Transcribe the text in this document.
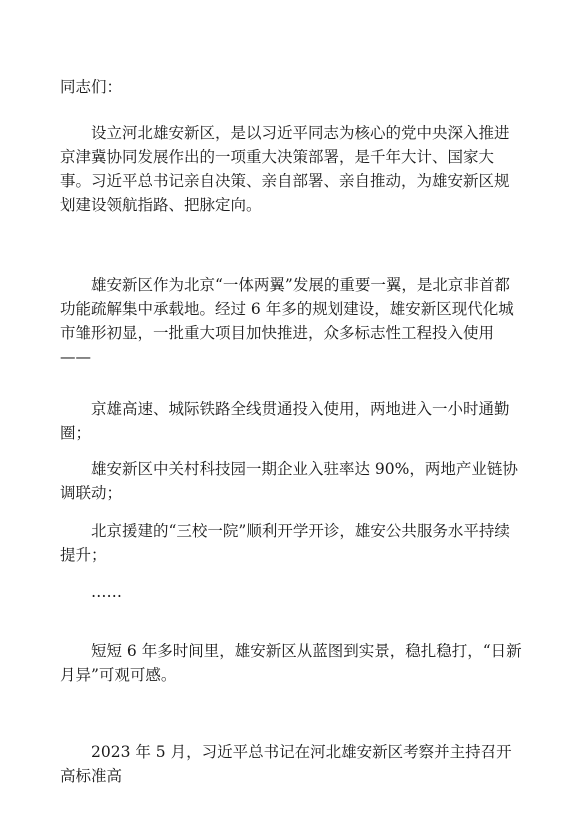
同志们：

设立河北雄安新区，是以习近平同志为核心的党中央深入推进京津冀协同发展作出的一项重大决策部署，是千年大计、国家大事。习近平总书记亲自决策、亲自部署、亲自推动，为雄安新区规划建设领航指路、把脉定向。

雄安新区作为北京“一体两翼”发展的重要一翼，是北京非首都功能疏解集中承载地。经过 6 年多的规划建设，雄安新区现代化城市雏形初显，一批重大项目加快推进，众多标志性工程投入使用——

京雄高速、城际铁路全线贯通投入使用，两地进入一小时通勤圈；

雄安新区中关村科技园一期企业入驻率达 90%，两地产业链协调联动；

北京援建的“三校一院”顺利开学开诊，雄安公共服务水平持续提升；

……

短短 6 年多时间里，雄安新区从蓝图到实景，稳扎稳打，“日新月异”可观可感。

2023 年 5 月，习近平总书记在河北雄安新区考察并主持召开高标准高
